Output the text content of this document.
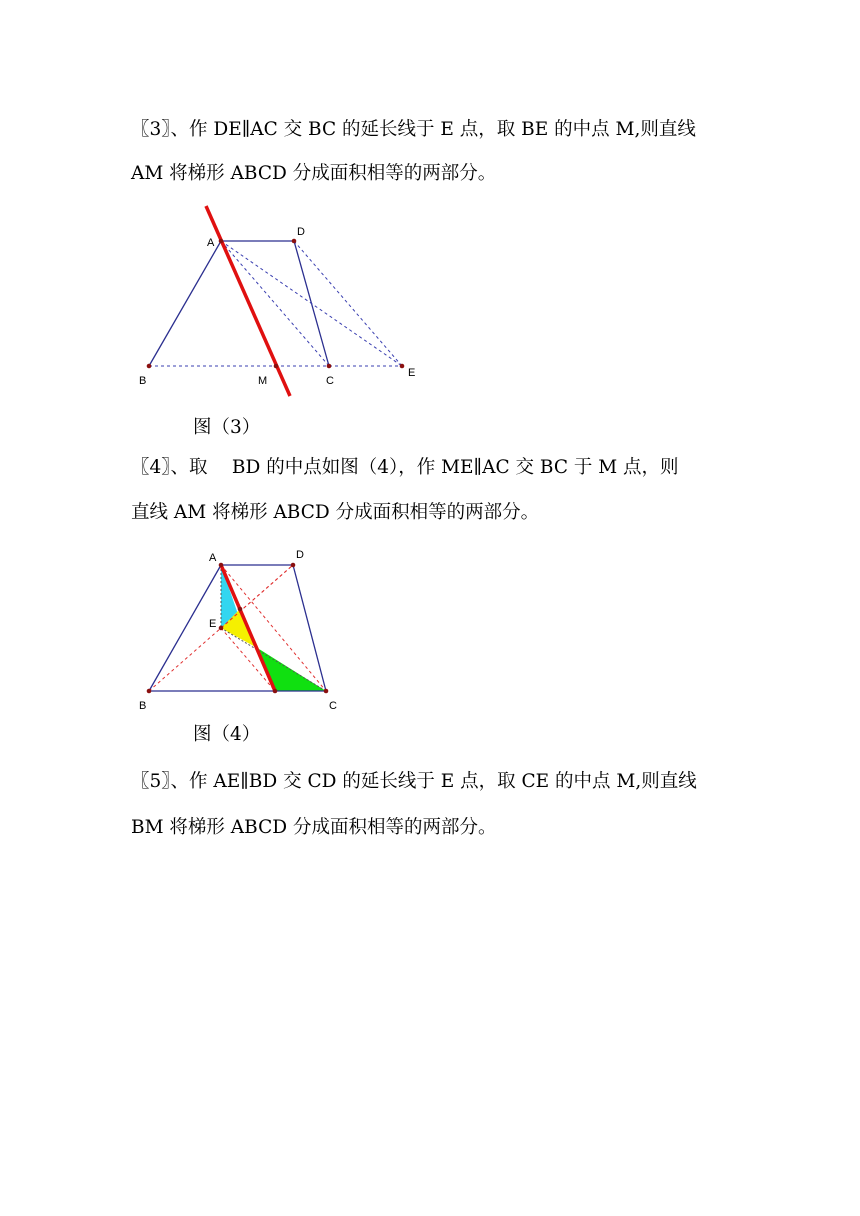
〖3〗、作 DE∥AC 交 BC 的延长线于 E 点，取 BE 的中点 M,则直线
AM 将梯形 ABCD 分成面积相等的两部分。
A
D
B	M	C
E
图（3）
〖4〗、取　 BD 的中点如图（4），作 ME∥AC 交 BC 于 M 点，则
直线 AM 将梯形 ABCD 分成面积相等的两部分。
A	D
E
B	C
图（4）
〖5〗、作 AE∥BD 交 CD 的延长线于 E 点，取 CE 的中点 M,则直线
BM 将梯形 ABCD 分成面积相等的两部分。
